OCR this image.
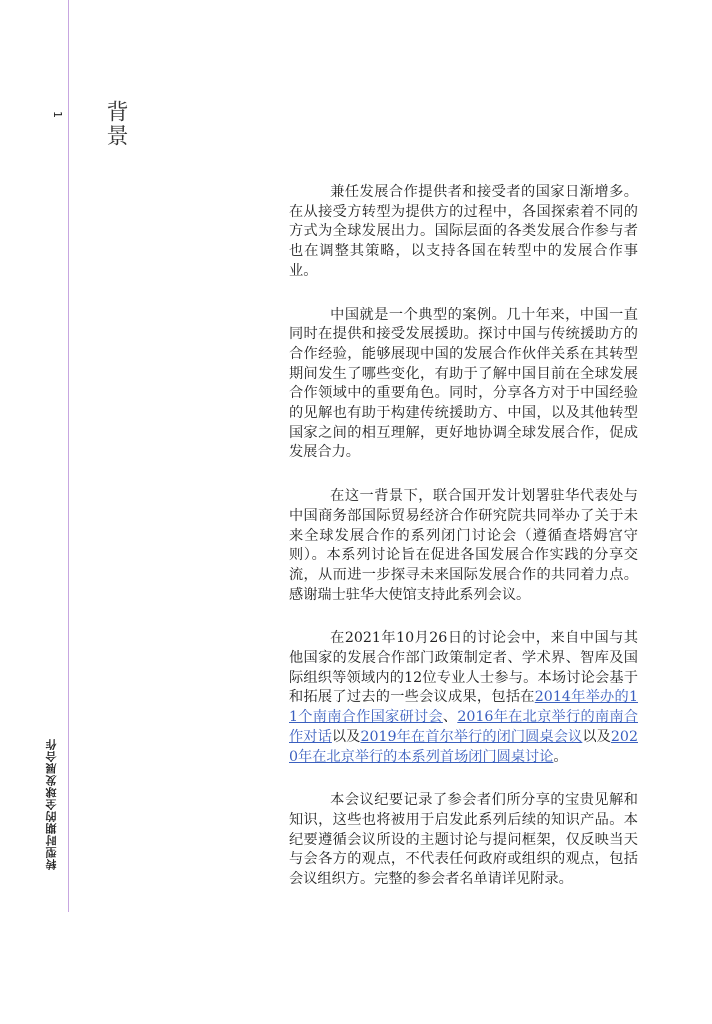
1 背景
转型时期的全球发展合作

兼任发展合作提供者和接受者的国家日渐增多。在从接受方转型为提供方的过程中，各国探索着不同的方式为全球发展出力。国际层面的各类发展合作参与者也在调整其策略，以支持各国在转型中的发展合作事业。

中国就是一个典型的案例。几十年来，中国一直同时在提供和接受发展援助。探讨中国与传统援助方的合作经验，能够展现中国的发展合作伙伴关系在其转型期间发生了哪些变化，有助于了解中国目前在全球发展合作领域中的重要角色。同时，分享各方对于中国经验的见解也有助于构建传统援助方、中国，以及其他转型国家之间的相互理解，更好地协调全球发展合作，促成发展合力。

在这一背景下，联合国开发计划署驻华代表处与中国商务部国际贸易经济合作研究院共同举办了关于未来全球发展合作的系列闭门讨论会（遵循查塔姆宫守则）。本系列讨论旨在促进各国发展合作实践的分享交流，从而进一步探寻未来国际发展合作的共同着力点。感谢瑞士驻华大使馆支持此系列会议。

在2021年10月26日的讨论会中，来自中国与其他国家的发展合作部门政策制定者、学术界、智库及国际组织等领域内的12位专业人士参与。本场讨论会基于和拓展了过去的一些会议成果，包括在2014年举办的11个南南合作国家研讨会、2016年在北京举行的南南合作对话以及2019年在首尔举行的闭门圆桌会议以及2020年在北京举行的本系列首场闭门圆桌讨论。

本会议纪要记录了参会者们所分享的宝贵见解和知识，这些也将被用于启发此系列后续的知识产品。本纪要遵循会议所设的主题讨论与提问框架，仅反映当天与会各方的观点，不代表任何政府或组织的观点，包括会议组织方。完整的参会者名单请详见附录。
